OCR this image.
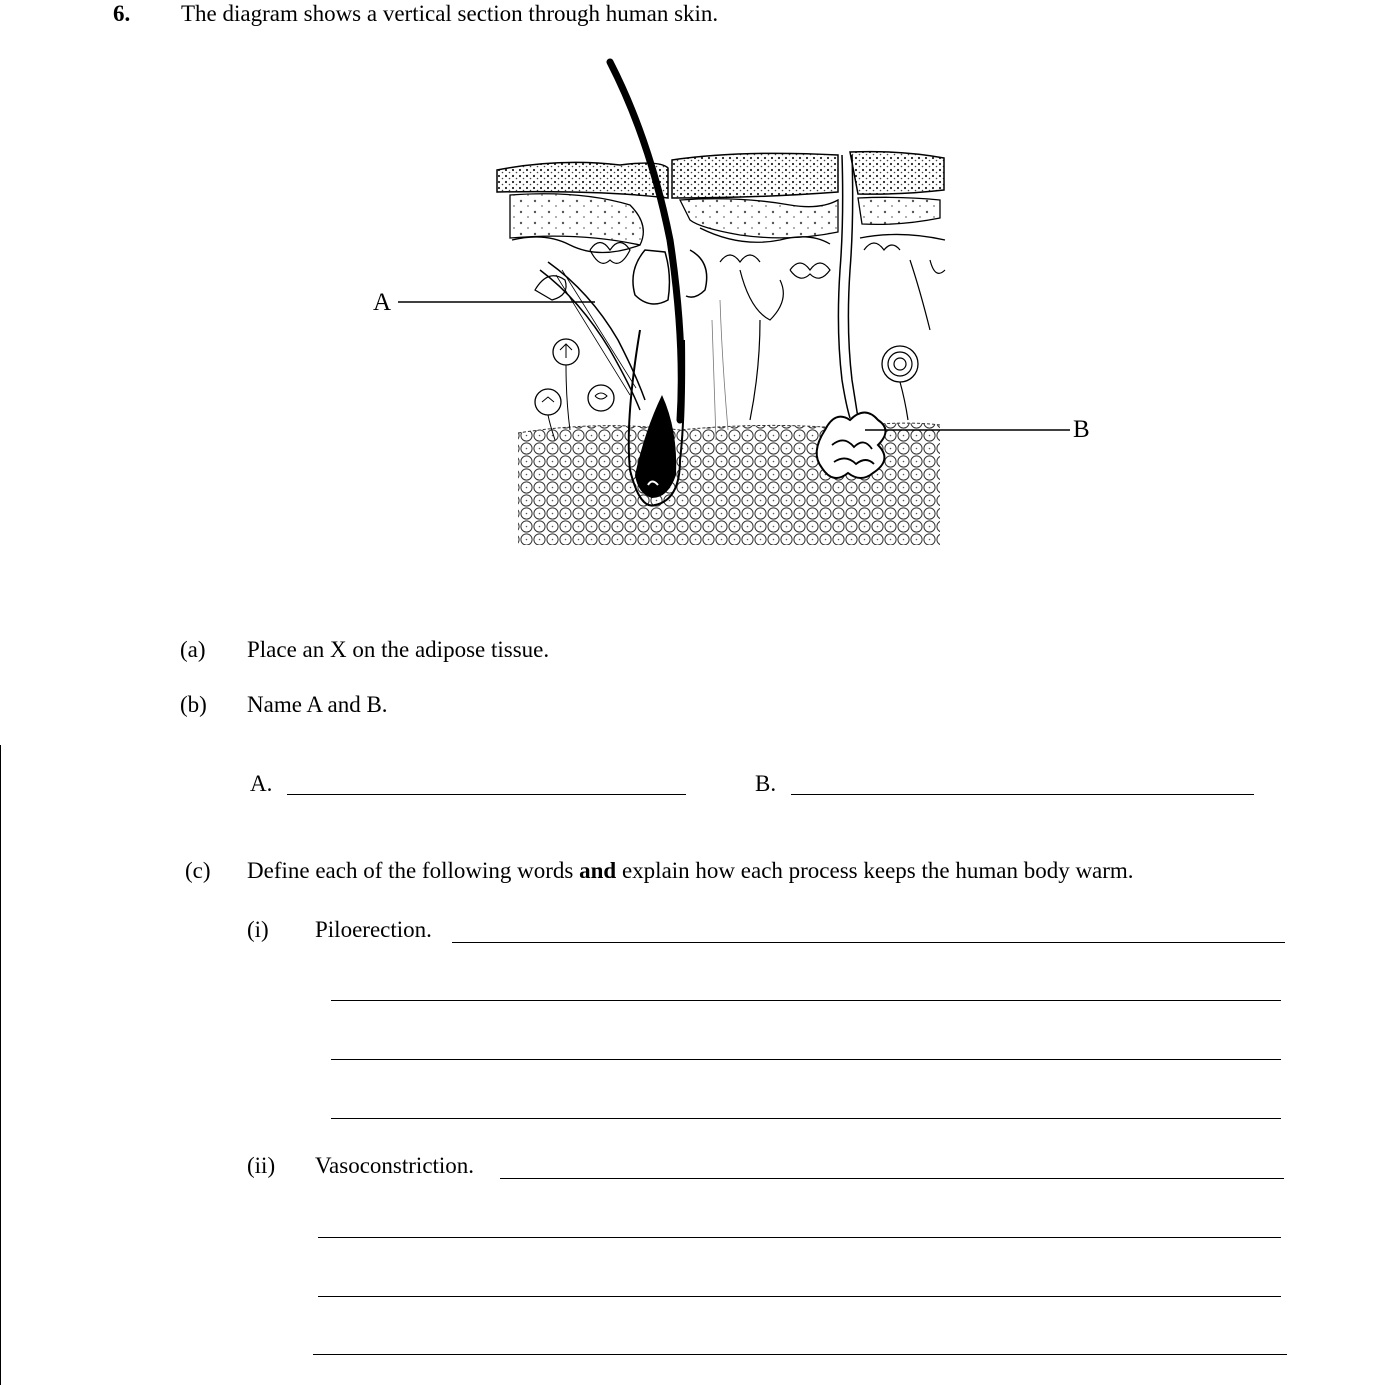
6. The diagram shows a vertical section through human skin.
A
B
(a) Place an X on the adipose tissue.
(b) Name A and B.
A.	B.
(c) Define each of the following words and explain how each process keeps the human body warm.
(i) Piloerection.
(ii) Vasoconstriction.
